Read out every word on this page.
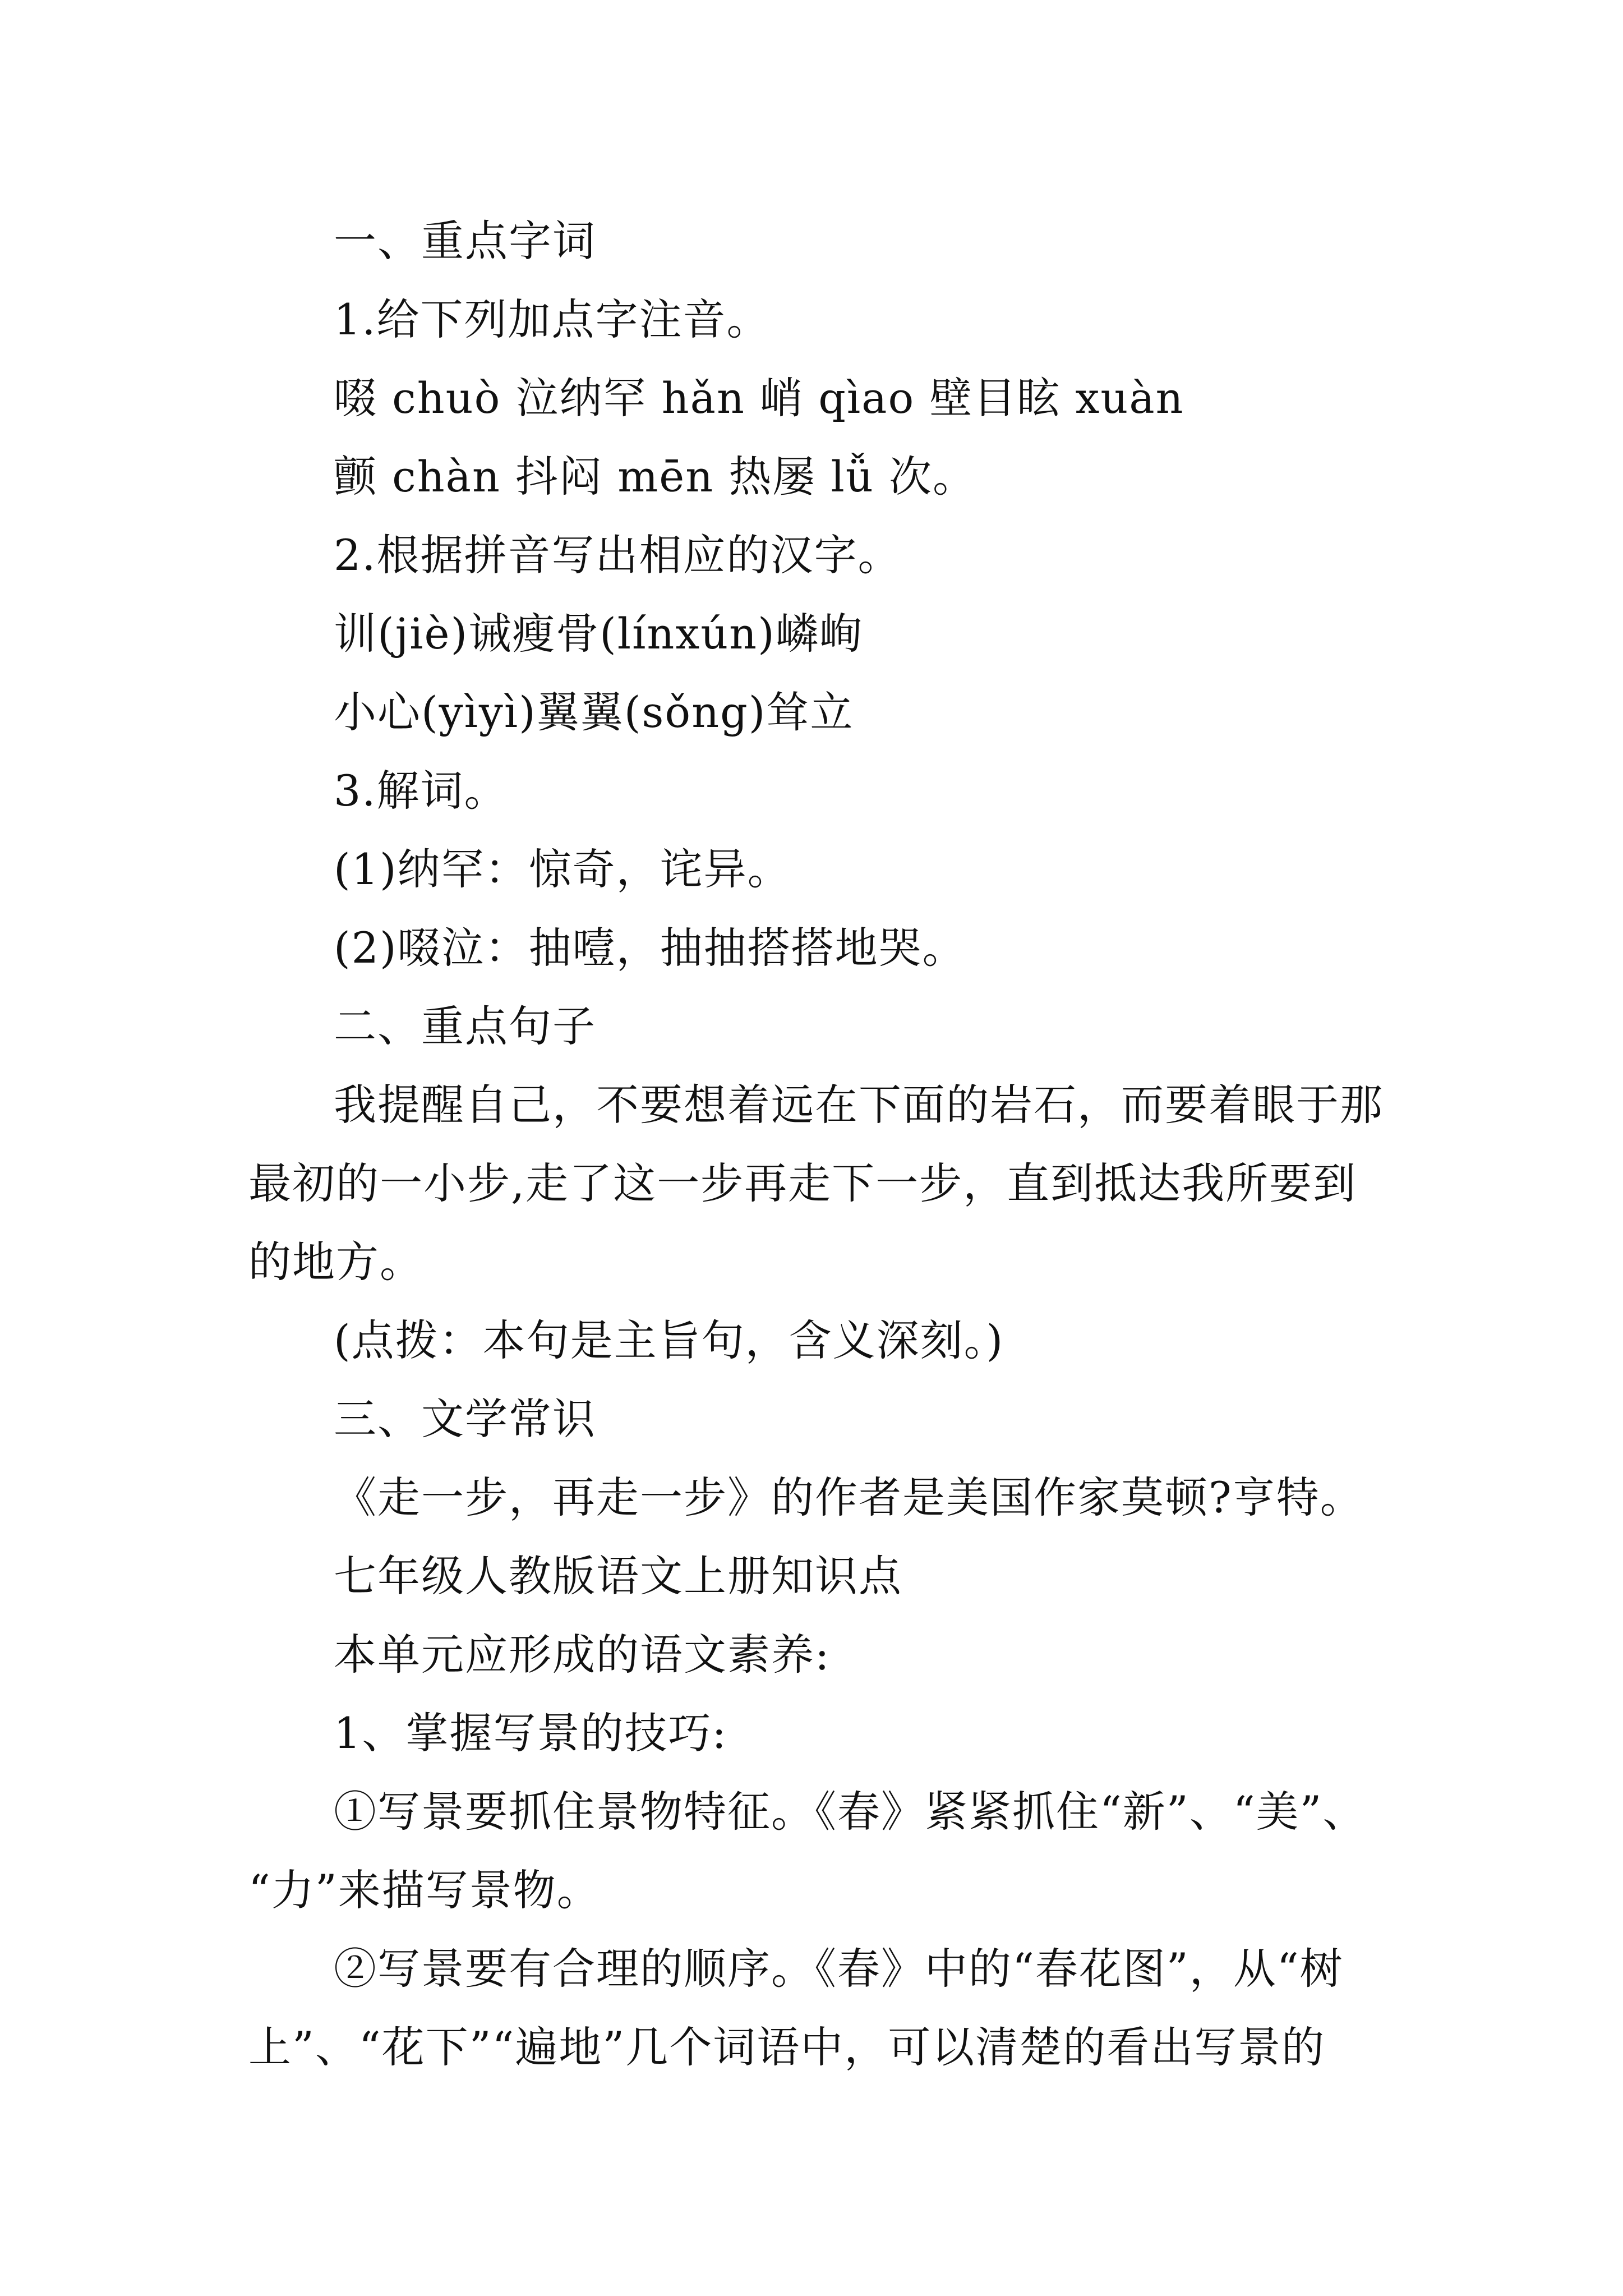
一、重点字词
1.给下列加点字注音。
啜 chuò 泣纳罕 hǎn 峭 qìao 壁目眩 xuàn
颤 chàn 抖闷 mēn 热屡 lǚ 次。
2.根据拼音写出相应的汉字。
训(jiè)诫瘦骨(línxún)嶙峋
小心(yìyì)翼翼(sǒng)耸立
3.解词。
(1)纳罕：惊奇，诧异。
(2)啜泣：抽噎，抽抽搭搭地哭。
二、重点句子
我提醒自己，不要想着远在下面的岩石，而要着眼于那
最初的一小步,走了这一步再走下一步，直到抵达我所要到
的地方。
(点拨：本句是主旨句，含义深刻。)
三、文学常识
《走一步，再走一步》的作者是美国作家莫顿?亨特。
七年级人教版语文上册知识点
本单元应形成的语文素养:
1、掌握写景的技巧:
①写景要抓住景物特征。《春》紧紧抓住“新”、“美”、
“力”来描写景物。
②写景要有合理的顺序。《春》中的“春花图”，从“树
上”、“花下”“遍地”几个词语中，可以清楚的看出写景的
